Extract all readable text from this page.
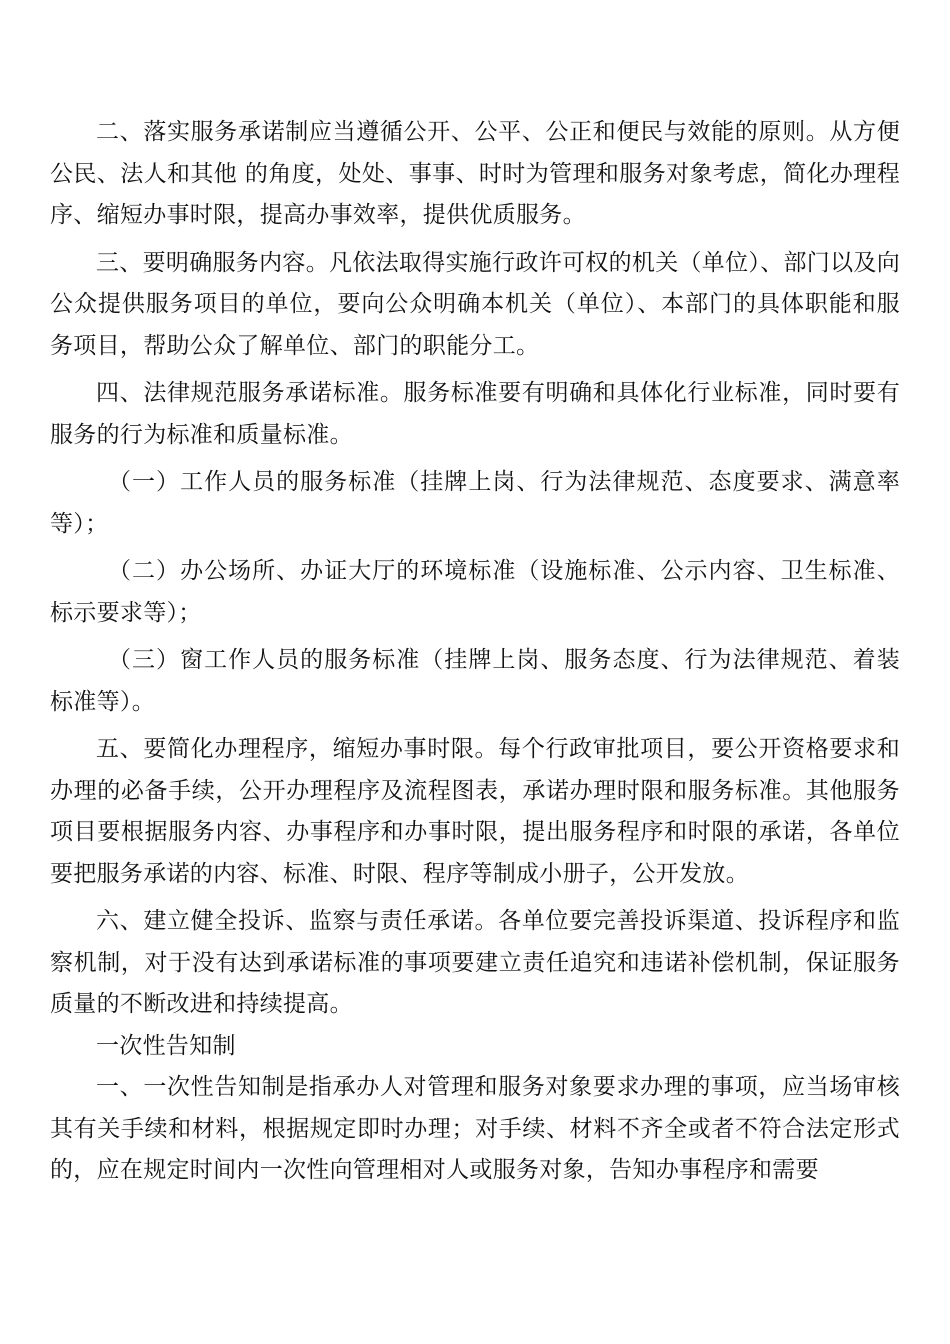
二、落实服务承诺制应当遵循公开、公平、公正和便民与效能的原则。从方便公民、法人和其他 的角度，处处、事事、时时为管理和服务对象考虑，简化办理程序、缩短办事时限，提高办事效率，提供优质服务。

三、要明确服务内容。凡依法取得实施行政许可权的机关（单位）、部门以及向公众提供服务项目的单位，要向公众明确本机关（单位）、本部门的具体职能和服务项目，帮助公众了解单位、部门的职能分工。

四、法律规范服务承诺标准。服务标准要有明确和具体化行业标准，同时要有服务的行为标准和质量标准。

（一）工作人员的服务标准（挂牌上岗、行为法律规范、态度要求、满意率等）；

（二）办公场所、办证大厅的环境标准（设施标准、公示内容、卫生标准、标示要求等）；

（三）窗工作人员的服务标准（挂牌上岗、服务态度、行为法律规范、着装标准等）。

五、要简化办理程序，缩短办事时限。每个行政审批项目，要公开资格要求和办理的必备手续，公开办理程序及流程图表，承诺办理时限和服务标准。其他服务项目要根据服务内容、办事程序和办事时限，提出服务程序和时限的承诺，各单位要把服务承诺的内容、标准、时限、程序等制成小册子，公开发放。

六、建立健全投诉、监察与责任承诺。各单位要完善投诉渠道、投诉程序和监察机制，对于没有达到承诺标准的事项要建立责任追究和违诺补偿机制，保证服务质量的不断改进和持续提高。

一次性告知制

一、一次性告知制是指承办人对管理和服务对象要求办理的事项，应当场审核其有关手续和材料，根据规定即时办理；对手续、材料不齐全或者不符合法定形式的，应在规定时间内一次性向管理相对人或服务对象，告知办事程序和需要
